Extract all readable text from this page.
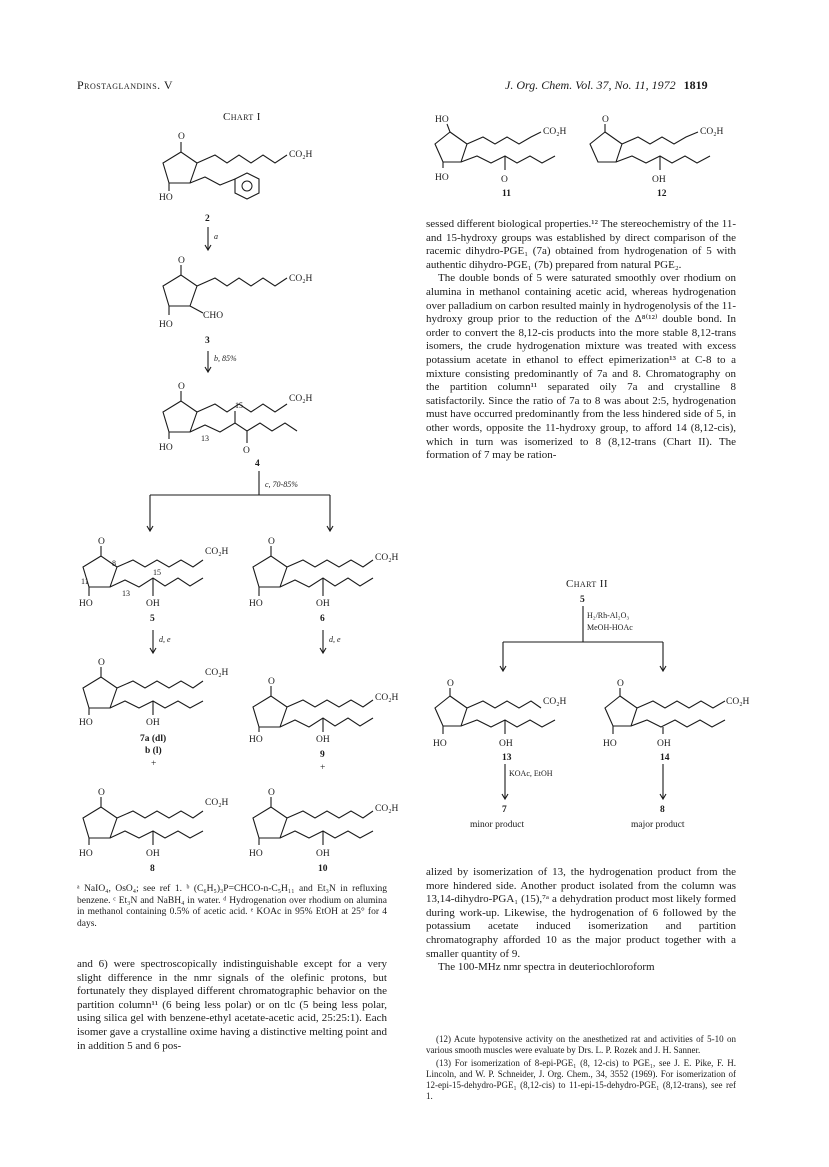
Prostaglandins. V	J. Org. Chem. Vol. 37, No. 11, 1972 1819
Chart I
O
CO₂H
HO
2
a
O
CO₂H
CHO
HO
3
b, 85%
O
CO₂H
15
13
O
HO
4
c, 70-85%
O
CO₂H
8
11
13
15
OH
HO
5
O
CO₂H
OH
HO
6
d, e	d, e
O
CO₂H
OH
HO
7a (dl)
b (l)
+
O
CO₂H
OH
HO
9
+
O
CO₂H
OH
HO
8
O
CO₂H
OH
HO
10
HO
CO₂H
O
HO
11
O
CO₂H
OH
12

sessed different biological properties.¹² The stereochemistry of the 11- and 15-hydroxy groups was established by direct comparison of the racemic dihydro-PGE₁ (7a) obtained from hydrogenation of 5 with authentic dihydro-PGE₁ (7b) prepared from natural PGE₂.

The double bonds of 5 were saturated smoothly over rhodium on alumina in methanol containing acetic acid, whereas hydrogenation over palladium on carbon resulted mainly in hydrogenolysis of the 11-hydroxy group prior to the reduction of the Δ⁸⁽¹²⁾ double bond. In order to convert the 8,12-cis products into the more stable 8,12-trans isomers, the crude hydrogenation mixture was treated with excess potassium acetate in ethanol to effect epimerization¹³ at C-8 to a mixture consisting predominantly of 7a and 8. Chromatography on the partition column¹¹ separated oily 7a and crystalline 8 satisfactorily. Since the ratio of 7a to 8 was about 2:5, hydrogenation must have occurred predominantly from the less hindered side of 5, in other words, opposite the 11-hydroxy group, to afford 14 (8,12-cis), which in turn was isomerized to 8 (8,12-trans (Chart II). The formation of 7 may be ration-

Chart II
5
H₂/Rh-Al₂O₃
MeOH-HOAc
O
CO₂H
OH
HO
13
KOAc, EtOH
7
minor product
O
CO₂H
OH
HO
14
8
major product

alized by isomerization of 13, the hydrogenation product from the more hindered side. Another product isolated from the column was 13,14-dihydro-PGA₁ (15),⁷ᵃ a dehydration product most likely formed during work-up. Likewise, the hydrogenation of 6 followed by the potassium acetate induced isomerization and partition chromatography afforded 10 as the major product together with a smaller quantity of 9.

The 100-MHz nmr spectra in deuteriochloroform

(12) Acute hypotensive activity on the anesthetized rat and activities of 5-10 on various smooth muscles were evaluate by Drs. L. P. Rozek and J. H. Sanner.

(13) For isomerization of 8-epi-PGE₁ (8, 12-cis) to PGE₁, see J. E. Pike, F. H. Lincoln, and W. P. Schneider, J. Org. Chem., 34, 3552 (1969). For isomerization of 12-epi-15-dehydro-PGE₁ (8,12-cis) to 11-epi-15-dehydro-PGE₁ (8,12-trans), see ref 1.

ᵃ NaIO₄, OsO₄; see ref 1. ᵇ (C₆H₅)₃P=CHCO-n-C₅H₁₁ and Et₃N in refluxing benzene. ᶜ Et₃N and NaBH₄ in water. ᵈ Hydrogenation over rhodium on alumina in methanol containing 0.5% of acetic acid. ᵉ KOAc in 95% EtOH at 25° for 4 days.

and 6) were spectroscopically indistinguishable except for a very slight difference in the nmr signals of the olefinic protons, but fortunately they displayed different chromatographic behavior on the partition column¹¹ (6 being less polar) or on tlc (5 being less polar, using silica gel with benzene-ethyl acetate-acetic acid, 25:25:1). Each isomer gave a crystalline oxime having a distinctive melting point and in addition 5 and 6 pos-
